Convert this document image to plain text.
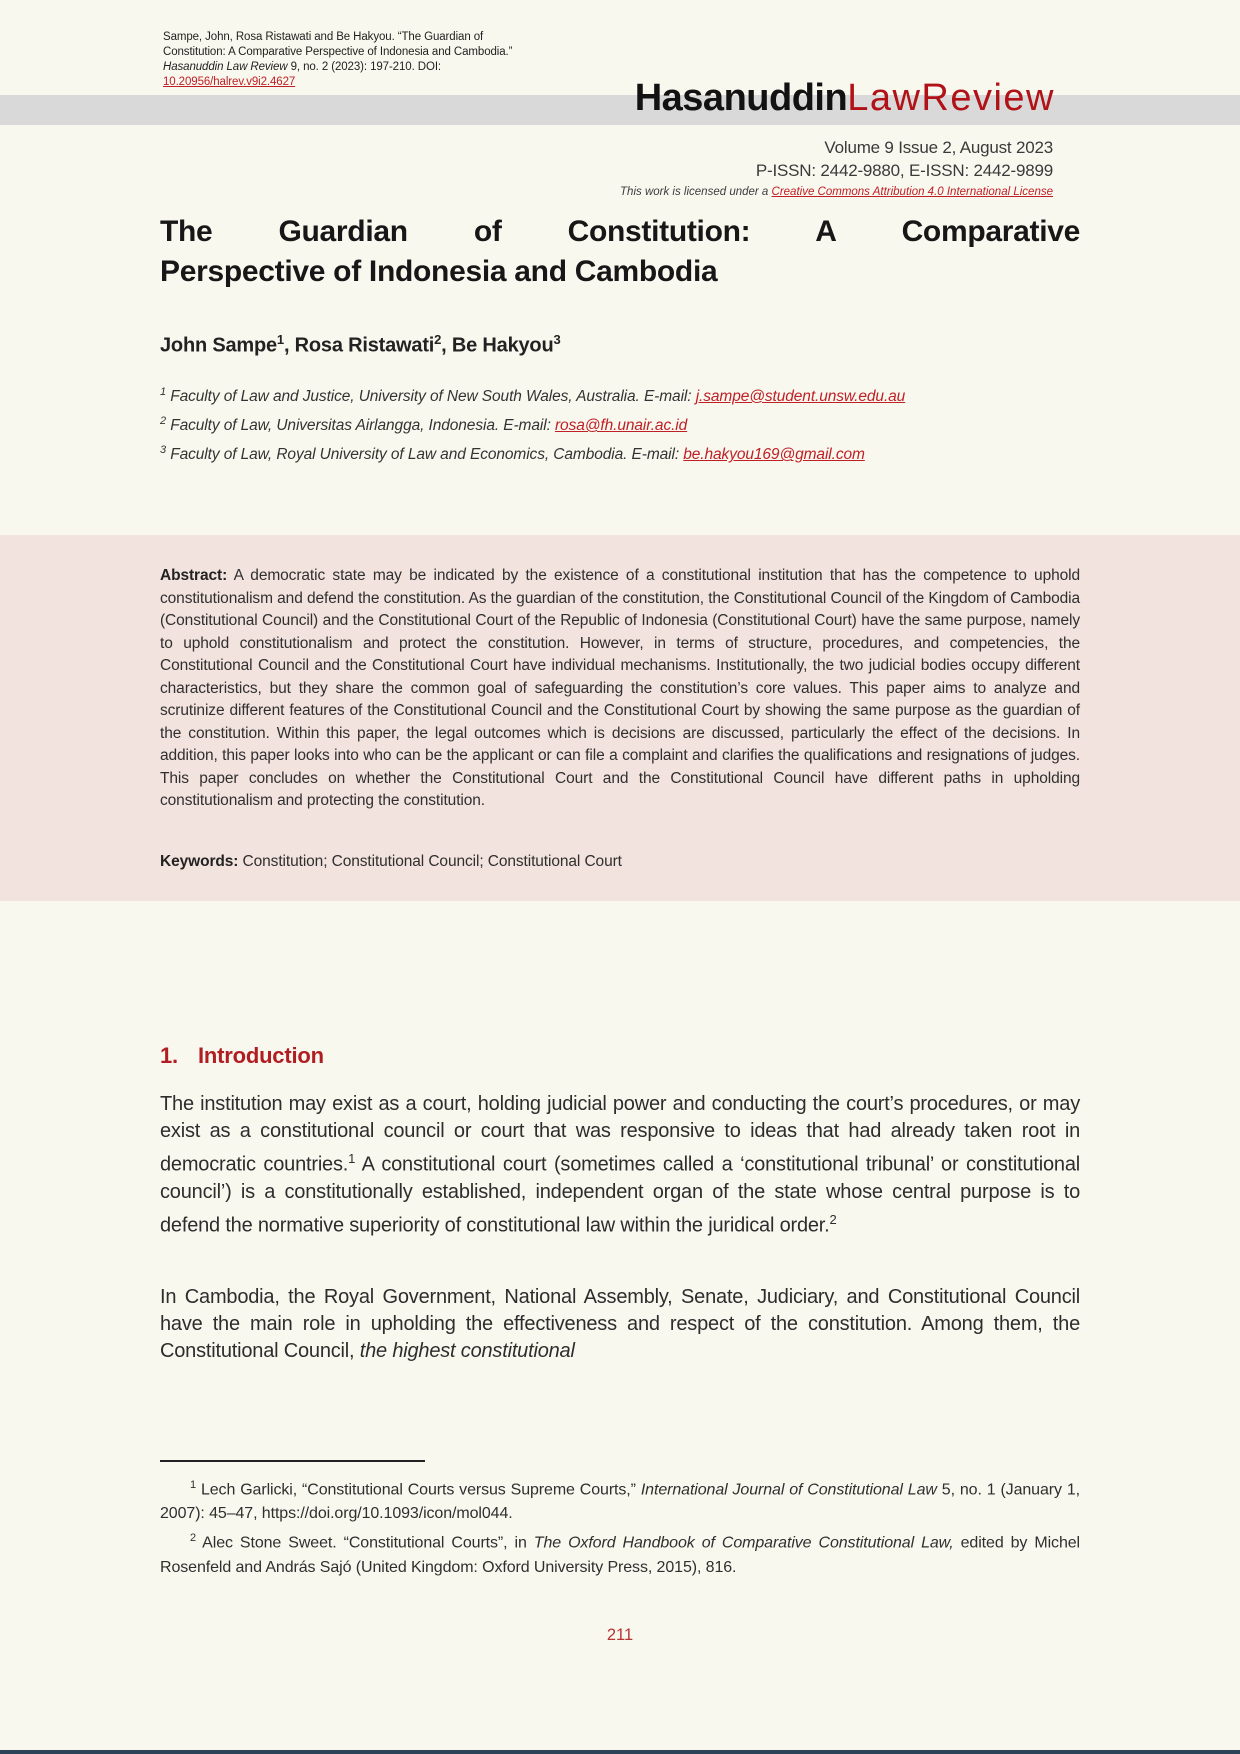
Sampe, John, Rosa Ristawati and Be Hakyou. “The Guardian of
Constitution: A Comparative Perspective of Indonesia and Cambodia.”
Hasanuddin Law Review 9, no. 2 (2023): 197-210. DOI:
10.20956/halrev.v9i2.4627	HasanuddinLawReview
Volume 9 Issue 2, August 2023
P-ISSN: 2442-9880, E-ISSN: 2442-9899
This work is licensed under a Creative Commons Attribution 4.0 International License
The Guardian of Constitution: A Comparative
Perspective of Indonesia and Cambodia
John Sampe$^1$, Rosa Ristawati$^2$, Be Hakyou$^3$
$^1$ Faculty of Law and Justice, University of New South Wales, Australia. E-mail: j.sampe@student.unsw.edu.au
$^2$ Faculty of Law, Universitas Airlangga, Indonesia. E-mail: rosa@fh.unair.ac.id
$^3$ Faculty of Law, Royal University of Law and Economics, Cambodia. E-mail: be.hakyou169@gmail.com

Abstract: A democratic state may be indicated by the existence of a constitutional institution that has the competence to uphold constitutionalism and defend the constitution. As the guardian of the constitution, the Constitutional Council of the Kingdom of Cambodia (Constitutional Council) and the Constitutional Court of the Republic of Indonesia (Constitutional Court) have the same purpose, namely to uphold constitutionalism and protect the constitution. However, in terms of structure, procedures, and competencies, the Constitutional Council and the Constitutional Court have individual mechanisms. Institutionally, the two judicial bodies occupy different characteristics, but they share the common goal of safeguarding the constitution’s core values. This paper aims to analyze and scrutinize different features of the Constitutional Council and the Constitutional Court by showing the same purpose as the guardian of the constitution. Within this paper, the legal outcomes which is decisions are discussed, particularly the effect of the decisions. In addition, this paper looks into who can be the applicant or can file a complaint and clarifies the qualifications and resignations of judges. This paper concludes on whether the Constitutional Court and the Constitutional Council have different paths in upholding constitutionalism and protecting the constitution.

Keywords: Constitution; Constitutional Council; Constitutional Court

1. Introduction

The institution may exist as a court, holding judicial power and conducting the court’s procedures, or may exist as a constitutional council or court that was responsive to ideas that had already taken root in democratic countries.$^1$ A constitutional court (sometimes called a ‘constitutional tribunal’ or constitutional council’) is a constitutionally established, independent organ of the state whose central purpose is to defend the normative superiority of constitutional law within the juridical order.$^2$

In Cambodia, the Royal Government, National Assembly, Senate, Judiciary, and Constitutional Council have the main role in upholding the effectiveness and respect of the constitution. Among them, the Constitutional Council, the highest constitutional

$^1$ Lech Garlicki, “Constitutional Courts versus Supreme Courts,” International Journal of Constitutional Law 5, no. 1 (January 1, 2007): 45–47, https://doi.org/10.1093/icon/mol044.

$^2$ Alec Stone Sweet. “Constitutional Courts”, in The Oxford Handbook of Comparative Constitutional Law, edited by Michel Rosenfeld and András Sajó (United Kingdom: Oxford University Press, 2015), 816.

211
